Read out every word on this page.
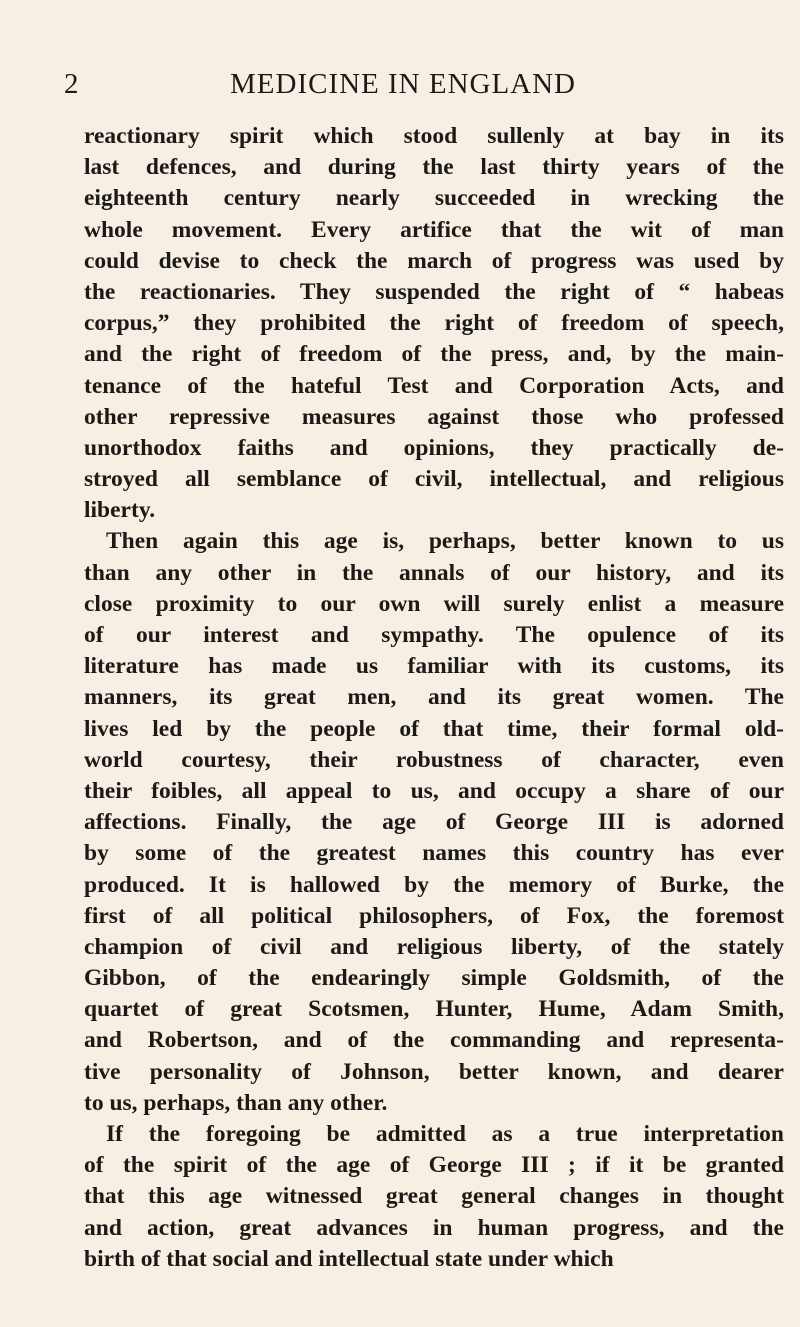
2	MEDICINE IN ENGLAND
reactionary spirit which stood sullenly at bay in its
last defences, and during the last thirty years of the
eighteenth century nearly succeeded in wrecking the
whole movement. Every artifice that the wit of man
could devise to check the march of progress was used by
the reactionaries. They suspended the right of “ habeas
corpus,” they prohibited the right of freedom of speech,
and the right of freedom of the press, and, by the main-
tenance of the hateful Test and Corporation Acts, and
other repressive measures against those who professed
unorthodox faiths and opinions, they practically de-
stroyed all semblance of civil, intellectual, and religious
liberty.
Then again this age is, perhaps, better known to us
than any other in the annals of our history, and its
close proximity to our own will surely enlist a measure
of our interest and sympathy. The opulence of its
literature has made us familiar with its customs, its
manners, its great men, and its great women. The
lives led by the people of that time, their formal old-
world courtesy, their robustness of character, even
their foibles, all appeal to us, and occupy a share of our
affections. Finally, the age of George III is adorned
by some of the greatest names this country has ever
produced. It is hallowed by the memory of Burke, the
first of all political philosophers, of Fox, the foremost
champion of civil and religious liberty, of the stately
Gibbon, of the endearingly simple Goldsmith, of the
quartet of great Scotsmen, Hunter, Hume, Adam Smith,
and Robertson, and of the commanding and representa-
tive personality of Johnson, better known, and dearer
to us, perhaps, than any other.
If the foregoing be admitted as a true interpretation
of the spirit of the age of George III ; if it be granted
that this age witnessed great general changes in thought
and action, great advances in human progress, and the
birth of that social and intellectual state under which
